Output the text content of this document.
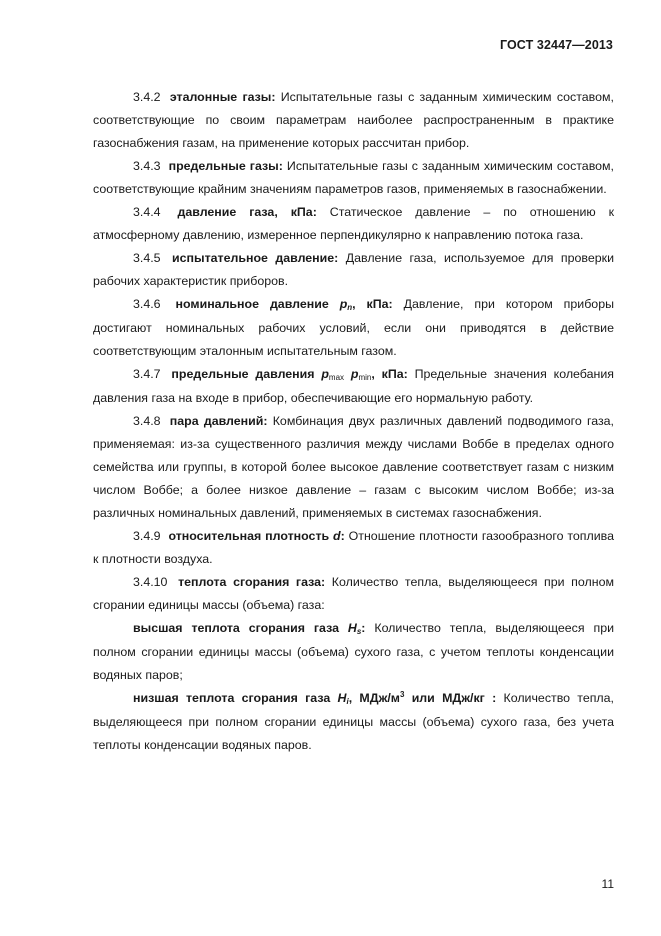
ГОСТ 32447—2013

3.4.2 эталонные газы: Испытательные газы с заданным химическим составом, соответствующие по своим параметрам наиболее распространенным в практике газоснабжения газам, на применение которых рассчитан прибор.

3.4.3 предельные газы: Испытательные газы с заданным химическим составом, соответствующие крайним значениям параметров газов, применяемых в газоснабжении.

3.4.4 давление газа, кПа: Статическое давление – по отношению к атмосферному давлению, измеренное перпендикулярно к направлению потока газа.

3.4.5 испытательное давление: Давление газа, используемое для проверки рабочих характеристик приборов.

3.4.6 номинальное давление $p_n$, кПа: Давление, при котором приборы достигают номинальных рабочих условий, если они приводятся в действие соответствующим эталонным испытательным газом.

3.4.7 предельные давления $p_{max}$ $p_{min}$, кПа: Предельные значения колебания давления газа на входе в прибор, обеспечивающие его нормальную работу.

3.4.8 пара давлений: Комбинация двух различных давлений подводимого газа, применяемая: из-за существенного различия между числами Воббе в пределах одного семейства или группы, в которой более высокое давление соответствует газам с низким числом Воббе; а более низкое давление – газам с высоким числом Воббе; из-за различных номинальных давлений, применяемых в системах газоснабжения.

3.4.9 относительная плотность d: Отношение плотности газообразного топлива к плотности воздуха.

3.4.10 теплота сгорания газа: Количество тепла, выделяющееся при полном сгорании единицы массы (объема) газа:

высшая теплота сгорания газа $H_s$: Количество тепла, выделяющееся при полном сгорании единицы массы (объема) сухого газа, с учетом теплоты конденсации водяных паров;

низшая теплота сгорания газа $H_i$, МДж/$м^3$ или МДж/кг : Количество тепла, выделяющееся при полном сгорании единицы массы (объема) сухого газа, без учета теплоты конденсации водяных паров.

11
